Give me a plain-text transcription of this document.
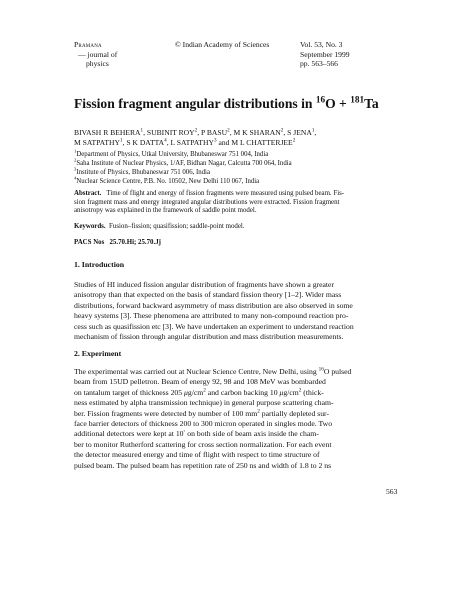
Pramana
— journal of
physics
© Indian Academy of Sciences	Vol. 53, No. 3
September 1999
pp. 563–566
Fission fragment angular distributions in $^{16}$O + $^{181}$Ta
BIVASH R BEHERA$^1$, SUBINIT ROY$^2$, P BASU$^2$, M K SHARAN$^2$, S JENA$^1$,
M SATPATHY$^1$, S K DATTA$^4$, L SATPATHY$^3$ and M L CHATTERJEE$^2$
$^1$Department of Physics, Utkal University, Bhubaneswar 751 004, India
$^2$Saha Institute of Nuclear Physics, 1/AF, Bidhan Nagar, Calcutta 700 064, India
$^3$Institute of Physics, Bhubaneswar 751 006, India
$^4$Nuclear Science Centre, P.B. No. 10502, New Delhi 110 067, India
Abstract. Time of flight and energy of fission fragments were measured using pulsed beam. Fis-
sion fragment mass and energy integrated angular distributions were extracted. Fission fragment
anisotropy was explained in the framework of saddle point model.
Keywords. Fusion–fission; quasifission; saddle-point model.
PACS Nos 25.70.Hi; 25.70.Jj
1. Introduction
Studies of HI induced fission angular distribution of fragments have shown a greater
anisotropy than that expected on the basis of standard fission theory [1–2]. Wider mass
distributions, forward backward asymmetry of mass distribution are also observed in some
heavy systems [3]. These phenomena are attributed to many non-compound reaction pro-
cess such as quasifission etc [3]. We have undertaken an experiment to understand reaction
mechanism of fission through angular distribution and mass distribution measurements.
2. Experiment
The experimental was carried out at Nuclear Science Centre, New Delhi, using $^{16}$O pulsed
beam from 15UD pelletron. Beam of energy 92, 98 and 108 MeV was bombarded
on tantalum target of thickness 205 $\mu g/cm^2$ and carbon backing 10 $\mu g/cm^2$ (thick-
ness estimated by alpha transmission technique) in general purpose scattering cham-
ber. Fission fragments were detected by number of 100 $mm^2$ partially depleted sur-
face barrier detectors of thickness 200 to 300 micron operated in singles mode. Two
additional detectors were kept at 10◦ on both side of beam axis inside the cham-
ber to monitor Rutherford scattering for cross section normalization. For each event
the detector measured energy and time of flight with respect to time structure of
pulsed beam. The pulsed beam has repetition rate of 250 ns and width of 1.8 to 2 ns
563
